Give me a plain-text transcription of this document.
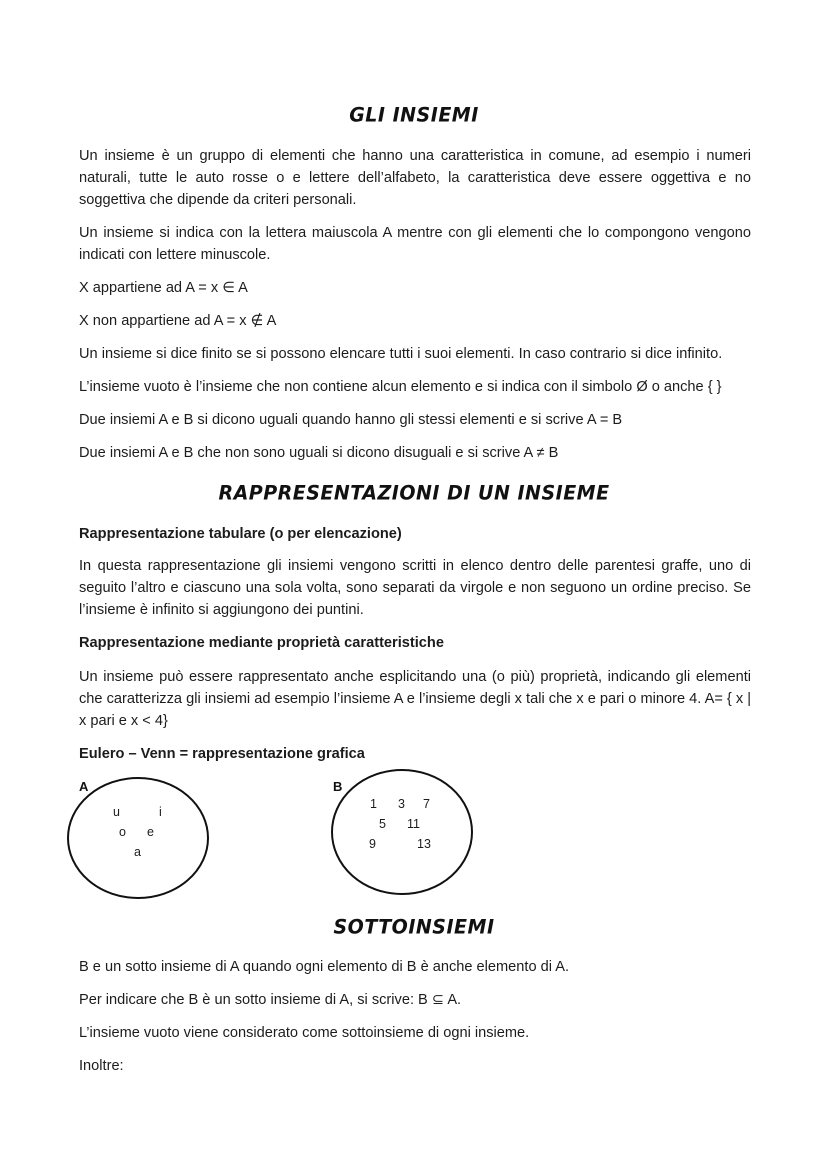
GLI INSIEMI

Un insieme è un gruppo di elementi che hanno una caratteristica in comune, ad esempio i numeri naturali, tutte le auto rosse o e lettere dell’alfabeto, la caratteristica deve essere oggettiva e no soggettiva che dipende da criteri personali.

Un insieme si indica con la lettera maiuscola A mentre con gli elementi che lo compongono vengono indicati con lettere minuscole.

X appartiene ad A = x ∈ A

X non appartiene ad A = x ∉ A

Un insieme si dice finito se si possono elencare tutti i suoi elementi. In caso contrario si dice infinito.

L’insieme vuoto è l’insieme che non contiene alcun elemento e si indica con il simbolo Ø o anche { }

Due insiemi A e B si dicono uguali quando hanno gli stessi elementi e si scrive A = B

Due insiemi A e B che non sono uguali si dicono disuguali e si scrive A ≠ B

RAPPRESENTAZIONI DI UN INSIEME

Rappresentazione tabulare (o per elencazione)

In questa rappresentazione gli insiemi vengono scritti in elenco dentro delle parentesi graffe, uno di seguito l’altro e ciascuno una sola volta, sono separati da virgole e non seguono un ordine preciso. Se l’insieme è infinito si aggiungono dei puntini.

Rappresentazione mediante proprietà caratteristiche

Un insieme può essere rappresentato anche esplicitando una (o più) proprietà, indicando gli elementi che caratterizza gli insiemi ad esempio l’insieme A e l’insieme degli x tali che x e pari o minore 4. A= { x | x pari e x < 4}

Eulero – Venn = rappresentazione grafica

A
u	i
o e
a
B
1 3 7
5 11
9	13
SOTTOINSIEMI

B e un sotto insieme di A quando ogni elemento di B è anche elemento di A.

Per indicare che B è un sotto insieme di A, si scrive: B ⊆ A.

L’insieme vuoto viene considerato come sottoinsieme di ogni insieme.

Inoltre:
